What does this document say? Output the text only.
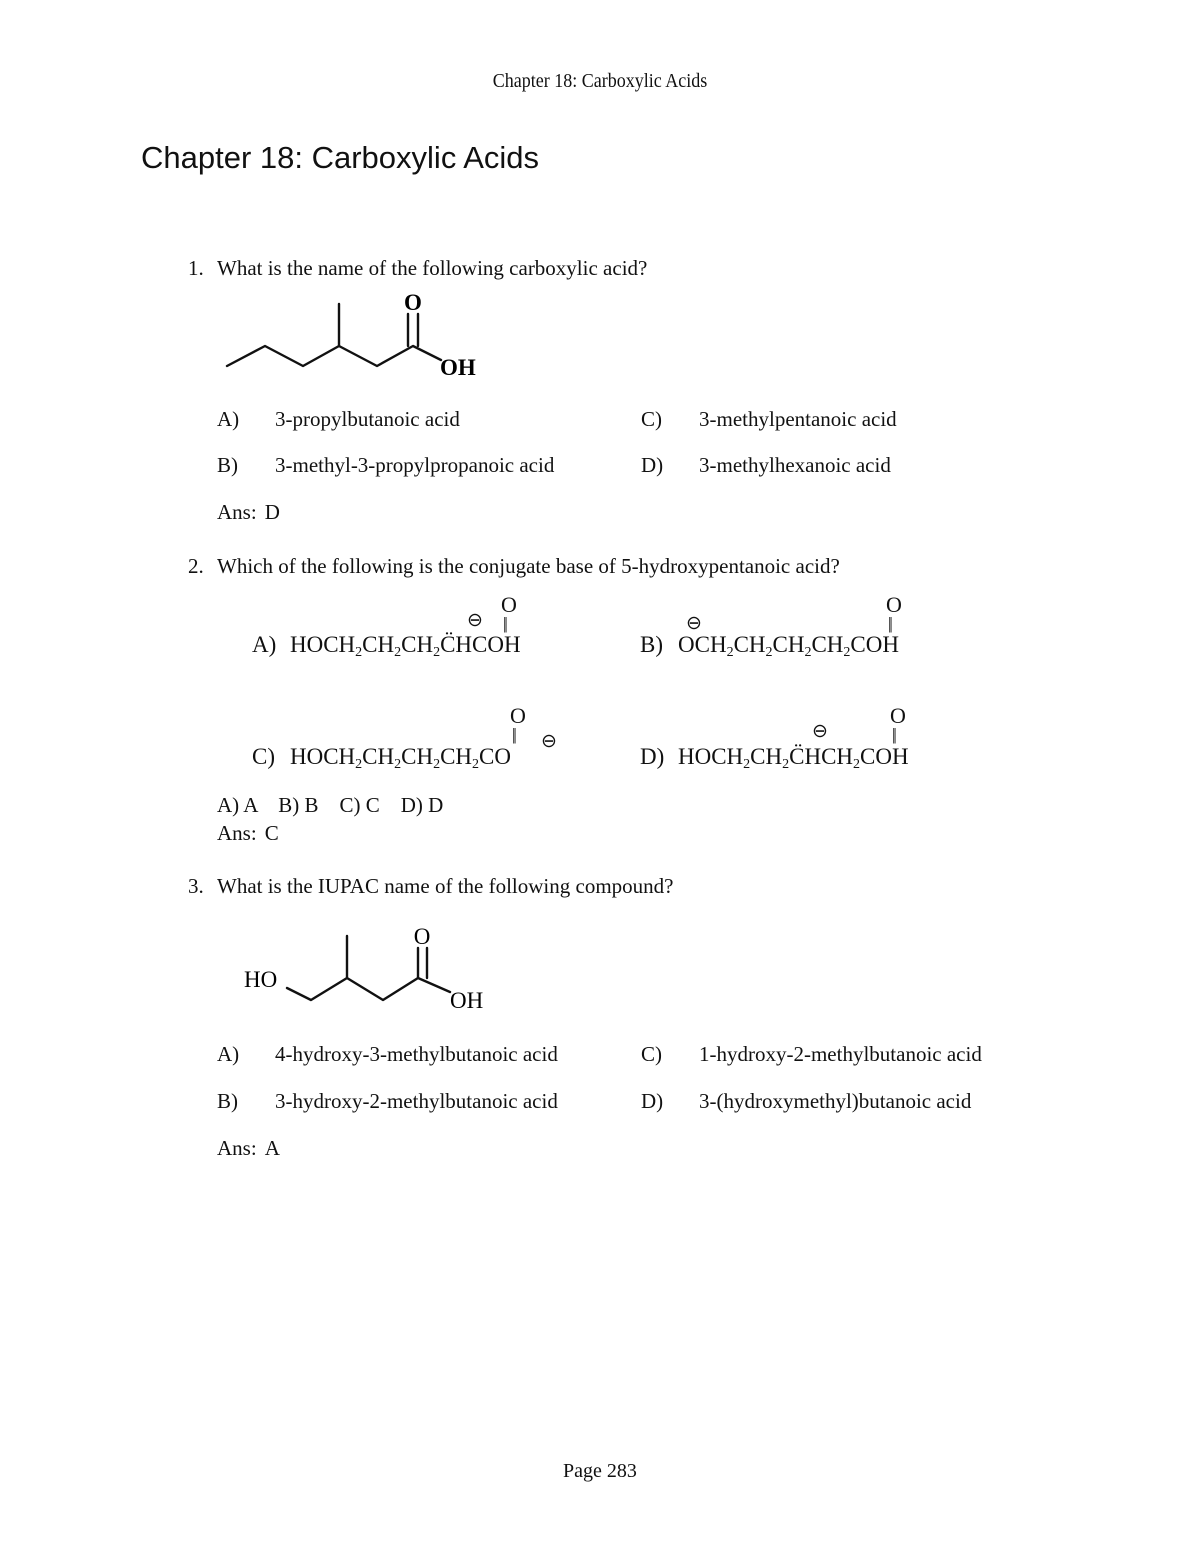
Chapter 18: Carboxylic Acids
Chapter 18: Carboxylic Acids
1. What is the name of the following carboxylic acid?
O
OH
A) 3-propylbutanoic acid
B) 3-methyl-3-propylpropanoic acid
C) 3-methylpentanoic acid
D) 3-methylhexanoic acid
Ans: D
2. Which of the following is the conjugate base of 5-hydroxypentanoic acid?
A) $HOCH_2CH_2CH_2C̈HCOH$
O
||
⊖
B) $OCH_2CH_2CH_2CH_2COH$
O
||
⊖
C) $HOCH_2CH_2CH_2CH_2CO$
O
|| ⊖
D) $HOCH_2CH_2C̈HCH_2COH$
O
||
⊖
A) A    B) B    C) C    D) D
Ans: C
3. What is the IUPAC name of the following compound?
O
HO
OH
A) 4-hydroxy-3-methylbutanoic acid
B) 3-hydroxy-2-methylbutanoic acid
C) 1-hydroxy-2-methylbutanoic acid
D) 3-(hydroxymethyl)butanoic acid
Ans: A
Page 283
